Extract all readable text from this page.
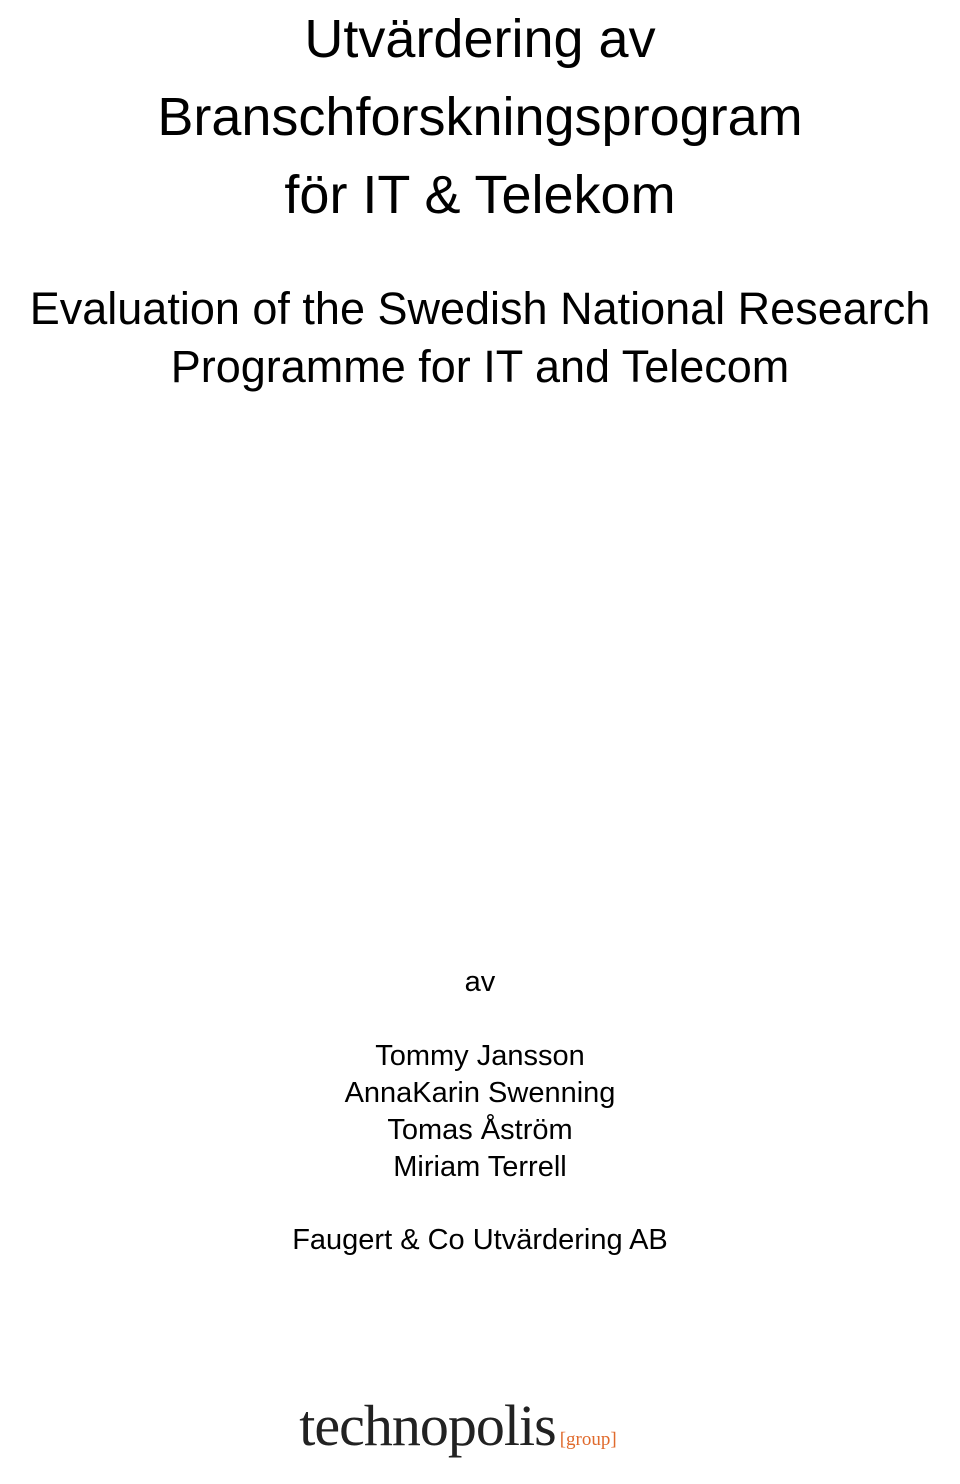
Utvärdering av
Branschforskningsprogram
för IT & Telekom
Evaluation of the Swedish National Research
Programme for IT and Telecom
av
Tommy Jansson
AnnaKarin Swenning
Tomas Åström
Miriam Terrell
Faugert & Co Utvärdering AB
technopolis [group]
